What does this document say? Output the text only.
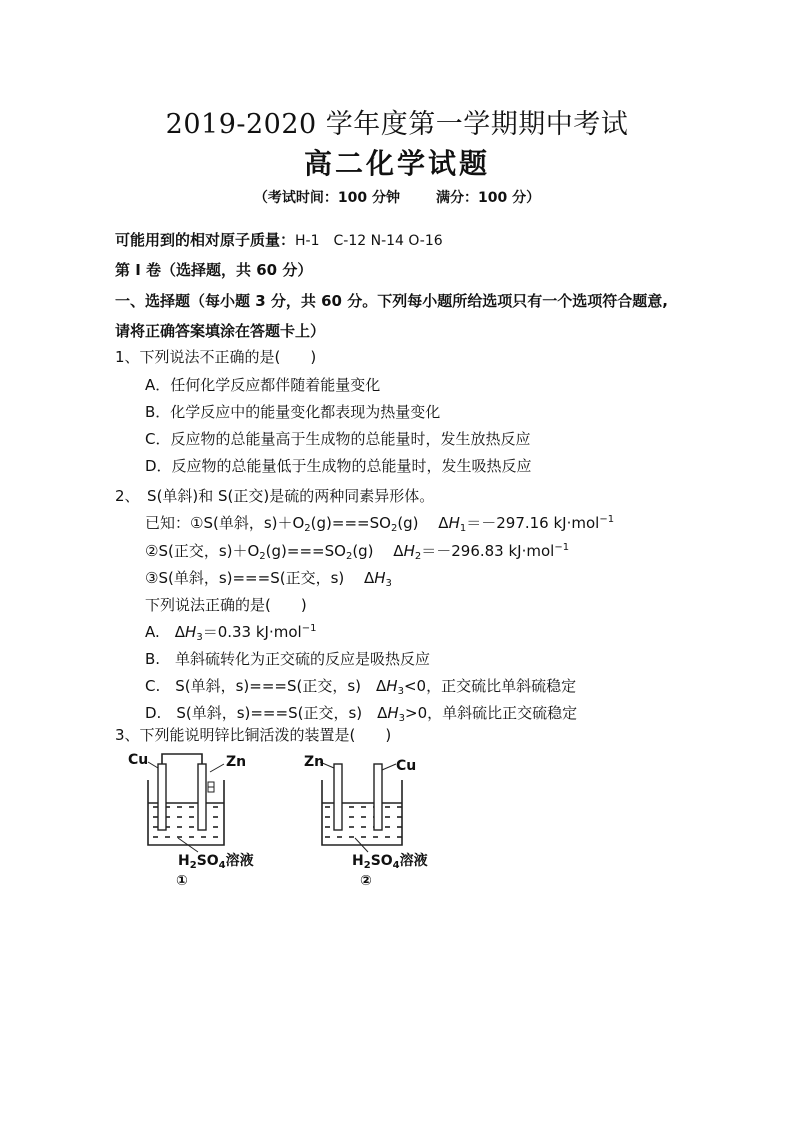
2019-2020 学年度第一学期期中考试
高二化学试题
（考试时间：100 分钟	满分：100 分）
可能用到的相对原子质量：H-1　C-12 N-14 O-16
第 I 卷（选择题，共 60 分）
一、选择题（每小题 3 分，共 60 分。下列每小题所给选项只有一个选项符合题意,
请将正确答案填涂在答题卡上）
1、下列说法不正确的是(　　)
A．任何化学反应都伴随着能量变化
B．化学反应中的能量变化都表现为热量变化
C．反应物的总能量高于生成物的总能量时，发生放热反应
D．反应物的总能量低于生成物的总能量时，发生吸热反应
2、　S(单斜)和 S(正交)是硫的两种同素异形体。
已知：①S(单斜，$s)+O_2(g)===SO_2(g)$　 $\Delta H_1=-297.16$ kJ·mol$^{-1}$
②S(正交，$s)+O_2(g)===SO_2(g)$　 $\Delta H_2=-296.83$ kJ·mol$^{-1}$
③S(单斜，s)===S(正交，s)　 $\Delta H_3$
下列说法正确的是(　　)
A.　$\Delta H_3=0.33$ kJ·mol$^{-1}$
B.　单斜硫转化为正交硫的反应是吸热反应
C.　S(单斜，s)===S(正交，s)　$\Delta H_3<0$，正交硫比单斜硫稳定
D.　S(单斜，s)===S(正交，s)　$\Delta H_3>0$，单斜硫比正交硫稳定
3、下列能说明锌比铜活泼的装置是(　　)
Cu	Zn
$H_2SO_4$溶液
①
Zn	Cu
$H_2SO_4$溶液
②
